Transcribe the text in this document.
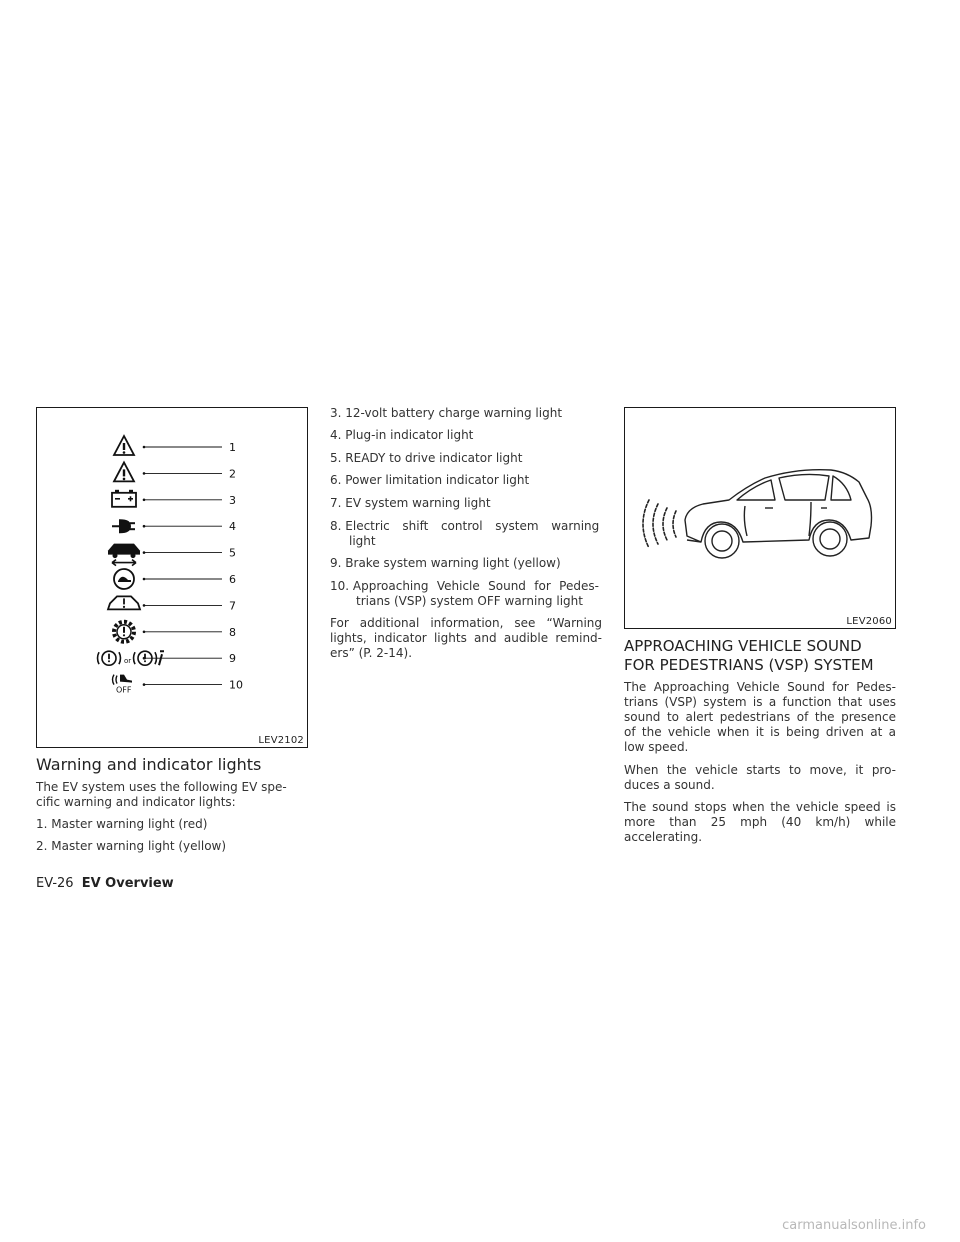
1
2
3
4
5
6
7
8
or	9
OFF	10
LEV2102
Warning and indicator lights

The EV system uses the following EV spe-

cific warning and indicator lights:

1. Master warning light (red)

2. Master warning light (yellow)

3. 12-volt battery charge warning light

4. Plug-in indicator light

5. READY to drive indicator light

6. Power limitation indicator light

7. EV system warning light

8. Electric shift control system warning

light

9. Brake system warning light (yellow)

10. Approaching Vehicle Sound for Pedes-

trians (VSP) system OFF warning light

For additional information, see “Warning

lights, indicator lights and audible remind-

ers” (P. 2-14).

LEV2060
APPROACHING VEHICLE SOUND
FOR PEDESTRIANS (VSP) SYSTEM
The Approaching Vehicle Sound for Pedes-
trians (VSP) system is a function that uses
sound to alert pedestrians of the presence
of the vehicle when it is being driven at a
low speed.
When the vehicle starts to move, it pro-
duces a sound.
The sound stops when the vehicle speed is
more than 25 mph (40 km/h) while
accelerating.
EV-26 EV Overview
carmanualsonline.info
